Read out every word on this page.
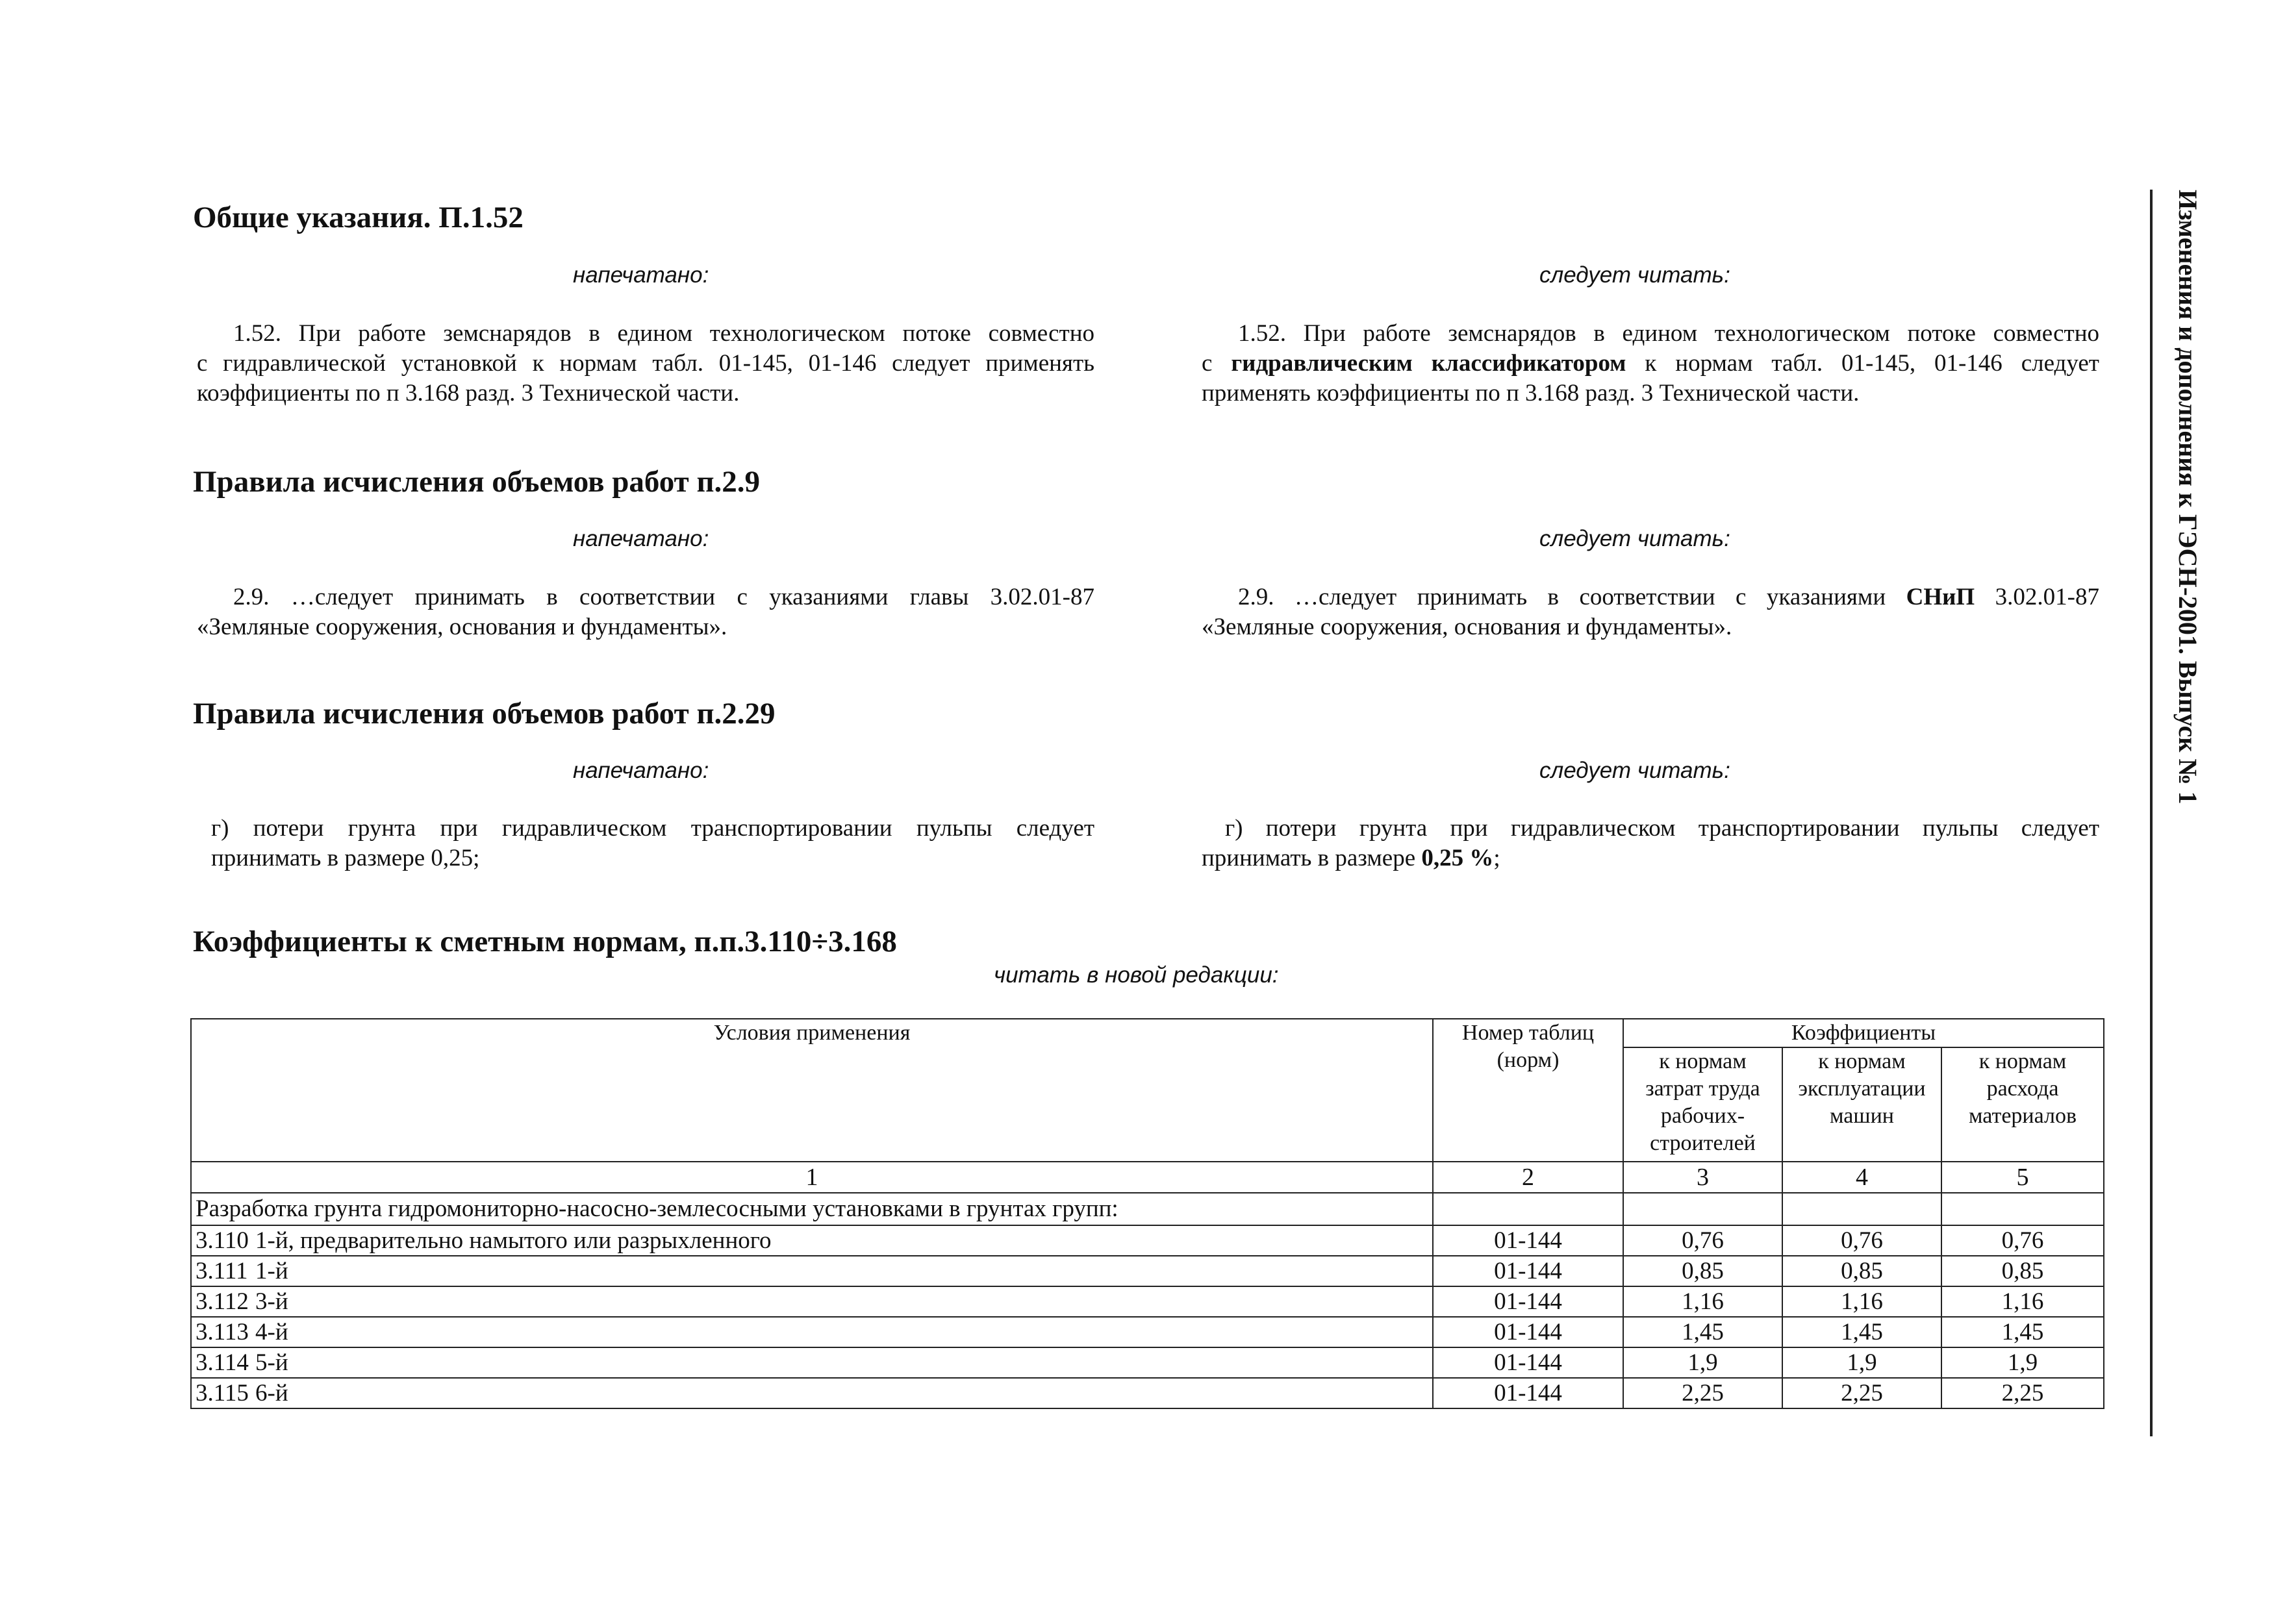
Общие указания. П.1.52
напечатано:	следует читать:
1.52. При работе земснарядов в едином технологическом потоке совместно
с гидравлической установкой к нормам табл. 01-145, 01-146 следует применять
коэффициенты по п 3.168 разд. 3 Технической части.
1.52. При работе земснарядов в едином технологическом потоке совместно
с гидравлическим классификатором к нормам табл. 01-145, 01-146 следует
применять коэффициенты по п 3.168 разд. 3 Технической части.
Правила исчисления объемов работ п.2.9
напечатано:	следует читать:
2.9. …следует принимать в соответствии с указаниями главы 3.02.01-87
«Земляные сооружения, основания и фундаменты».
2.9. …следует принимать в соответствии с указаниями СНиП 3.02.01-87
«Земляные сооружения, основания и фундаменты».
Правила исчисления объемов работ п.2.29
напечатано:	следует читать:
г) потери грунта при гидравлическом транспортировании пульпы следует
принимать в размере 0,25;
г) потери грунта при гидравлическом транспортировании пульпы следует
принимать в размере 0,25 %;
Коэффициенты к сметным нормам, п.п.3.110÷3.168
читать в новой редакции:
Условия применения	Номер таблиц (норм)	Коэффициенты		
		к нормам затрат труда рабочих-строителей	к нормам эксплуатации машин	к нормам расхода материалов
1	2	3	4	5
Разработка грунта гидромониторно-насосно-землесосными установками в грунтах групп:				
3.110 1-й, предварительно намытого или разрыхленного	01-144	0,76	0,76	0,76
3.111 1-й	01-144	0,85	0,85	0,85
3.112 3-й	01-144	1,16	1,16	1,16
3.113 4-й	01-144	1,45	1,45	1,45
3.114 5-й	01-144	1,9	1,9	1,9
3.115 6-й	01-144	2,25	2,25	2,25
Изменения и дополнения к ГЭСН-2001. Выпуск № 1
